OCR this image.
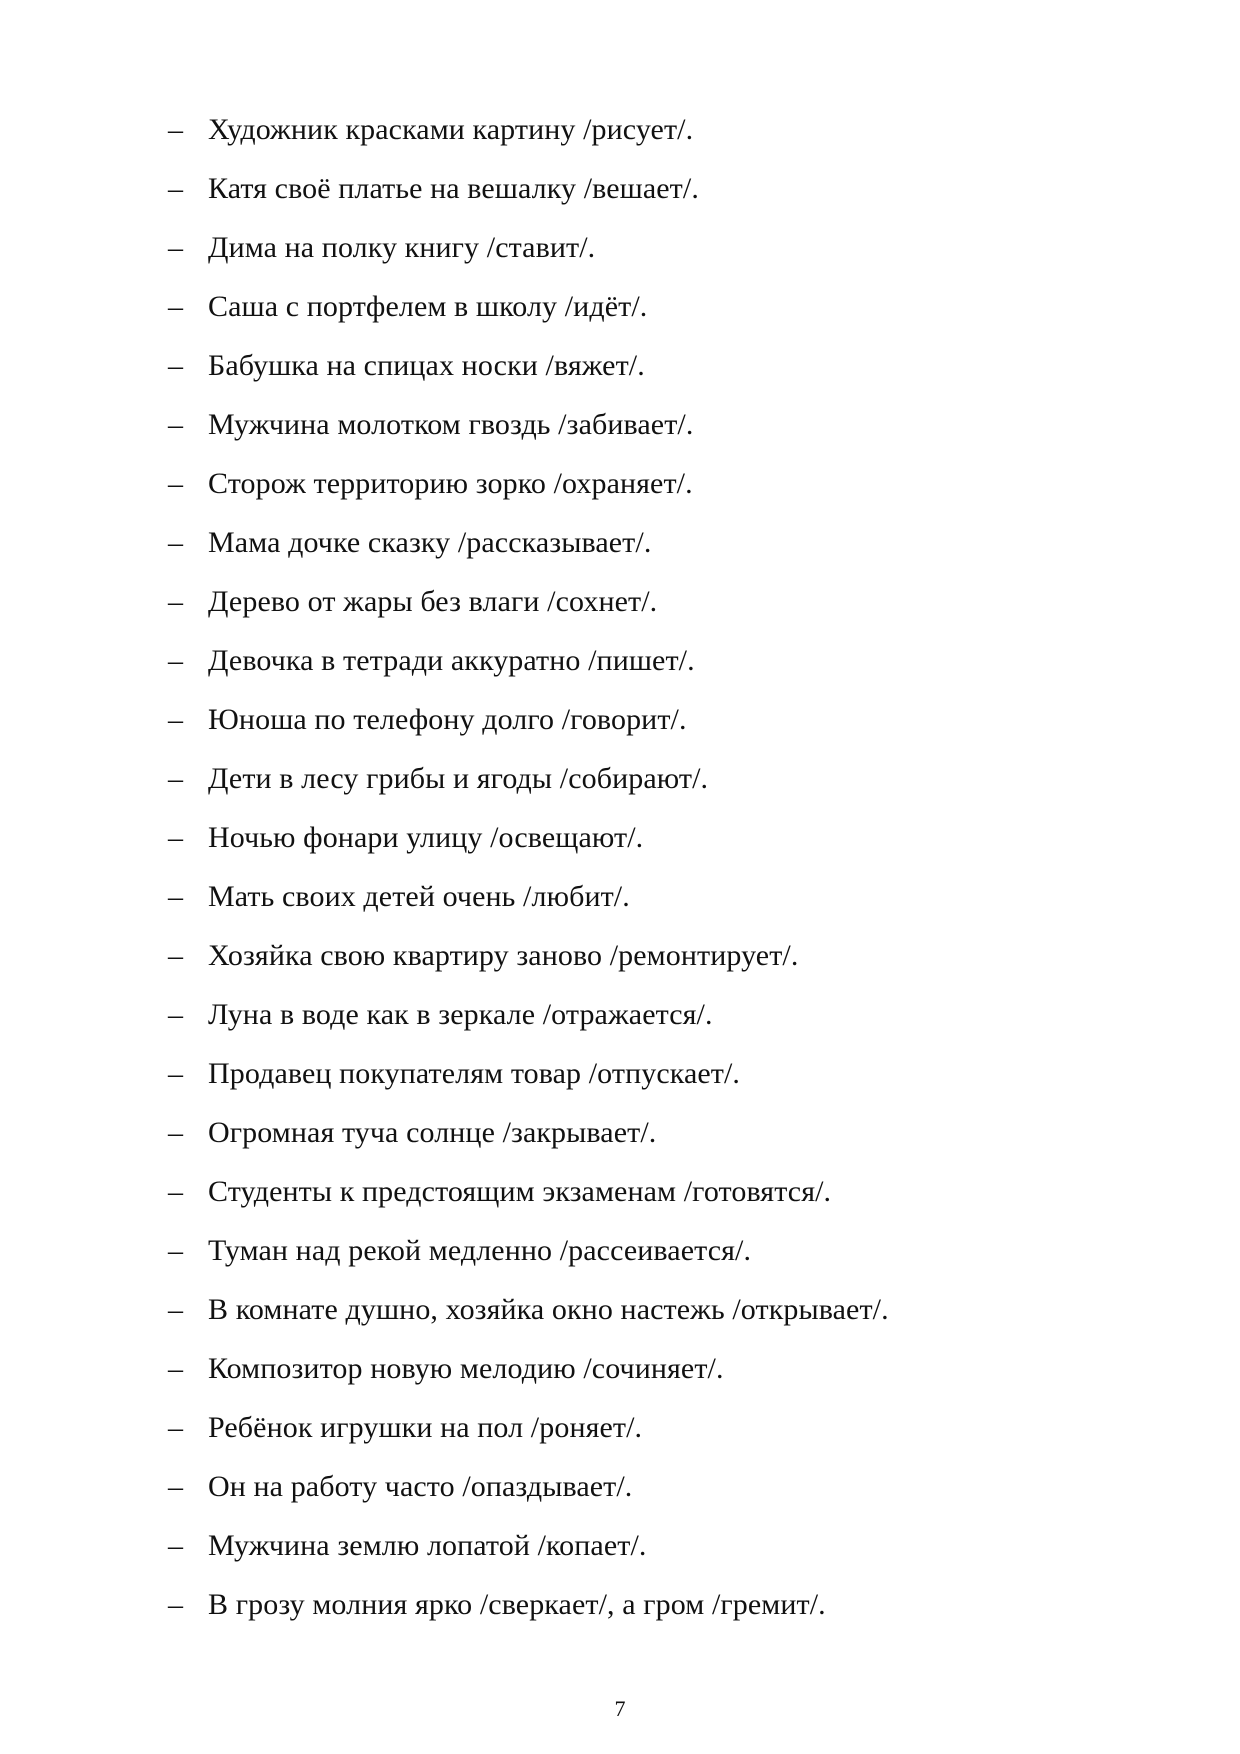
– Художник красками картину /рисует/.
– Катя своё платье на вешалку /вешает/.
– Дима на полку книгу /ставит/.
– Саша с портфелем в школу /идёт/.
– Бабушка на спицах носки /вяжет/.
– Мужчина молотком гвоздь /забивает/.
– Сторож территорию зорко /охраняет/.
– Мама дочке сказку /рассказывает/.
– Дерево от жары без влаги /сохнет/.
– Девочка в тетради аккуратно /пишет/.
– Юноша по телефону долго /говорит/.
– Дети в лесу грибы и ягоды /собирают/.
– Ночью фонари улицу /освещают/.
– Мать своих детей очень /любит/.
– Хозяйка свою квартиру заново /ремонтирует/.
– Луна в воде как в зеркале /отражается/.
– Продавец покупателям товар /отпускает/.
– Огромная туча солнце /закрывает/.
– Студенты к предстоящим экзаменам /готовятся/.
– Туман над рекой медленно /рассеивается/.
– В комнате душно, хозяйка окно настежь /открывает/.
– Композитор новую мелодию /сочиняет/.
– Ребёнок игрушки на пол /роняет/.
– Он на работу часто /опаздывает/.
– Мужчина землю лопатой /копает/.
– В грозу молния ярко /сверкает/, а гром /гремит/.
7
